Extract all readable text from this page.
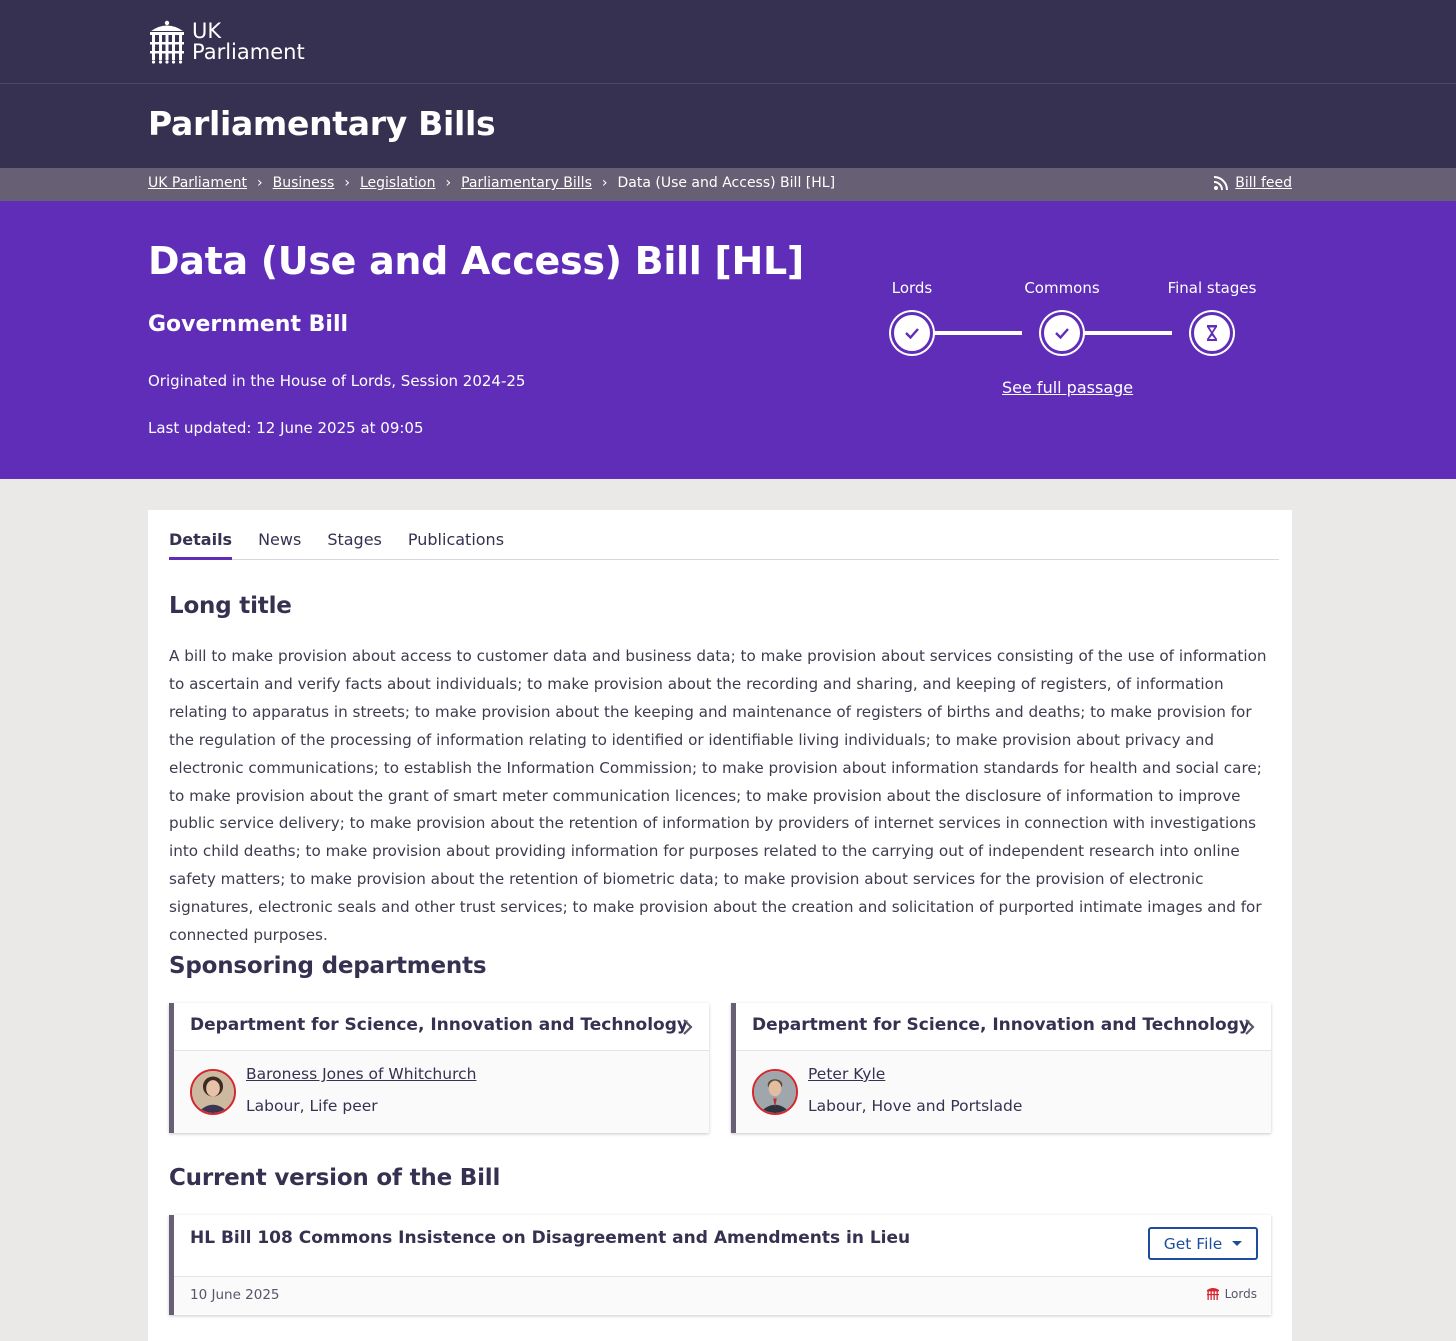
UK
Parliament
Parliamentary Bills
UK Parliament › Business › Legislation › Parliamentary Bills › Data (Use and Access) Bill [HL]	Bill feed
Data (Use and Access) Bill [HL]
Government Bill
Originated in the House of Lords, Session 2024-25
Last updated: 12 June 2025 at 09:05
Lords	Commons	Final stages
See full passage
Details News Stages Publications
Long title

A bill to make provision about access to customer data and business data; to make provision about services consisting of the use of information to ascertain and verify facts about individuals; to make provision about the recording and sharing, and keeping of registers, of information relating to apparatus in streets; to make provision about the keeping and maintenance of registers of births and deaths; to make provision for the regulation of the processing of information relating to identified or identifiable living individuals; to make provision about privacy and electronic communications; to establish the Information Commission; to make provision about information standards for health and social care; to make provision about the grant of smart meter communication licences; to make provision about the disclosure of information to improve public service delivery; to make provision about the retention of information by providers of internet services in connection with investigations into child deaths; to make provision about providing information for purposes related to the carrying out of independent research into online safety matters; to make provision about the retention of biometric data; to make provision about services for the provision of electronic signatures, electronic seals and other trust services; to make provision about the creation and solicitation of purported intimate images and for connected purposes.

Sponsoring departments
Department for Science, Innovation and Technology
Baroness Jones of Whitchurch
Labour, Life peer
Department for Science, Innovation and Technology
Peter Kyle
Labour, Hove and Portslade
Current version of the Bill
HL Bill 108 Commons Insistence on Disagreement and Amendments in Lieu	Get File
10 June 2025	Lords
